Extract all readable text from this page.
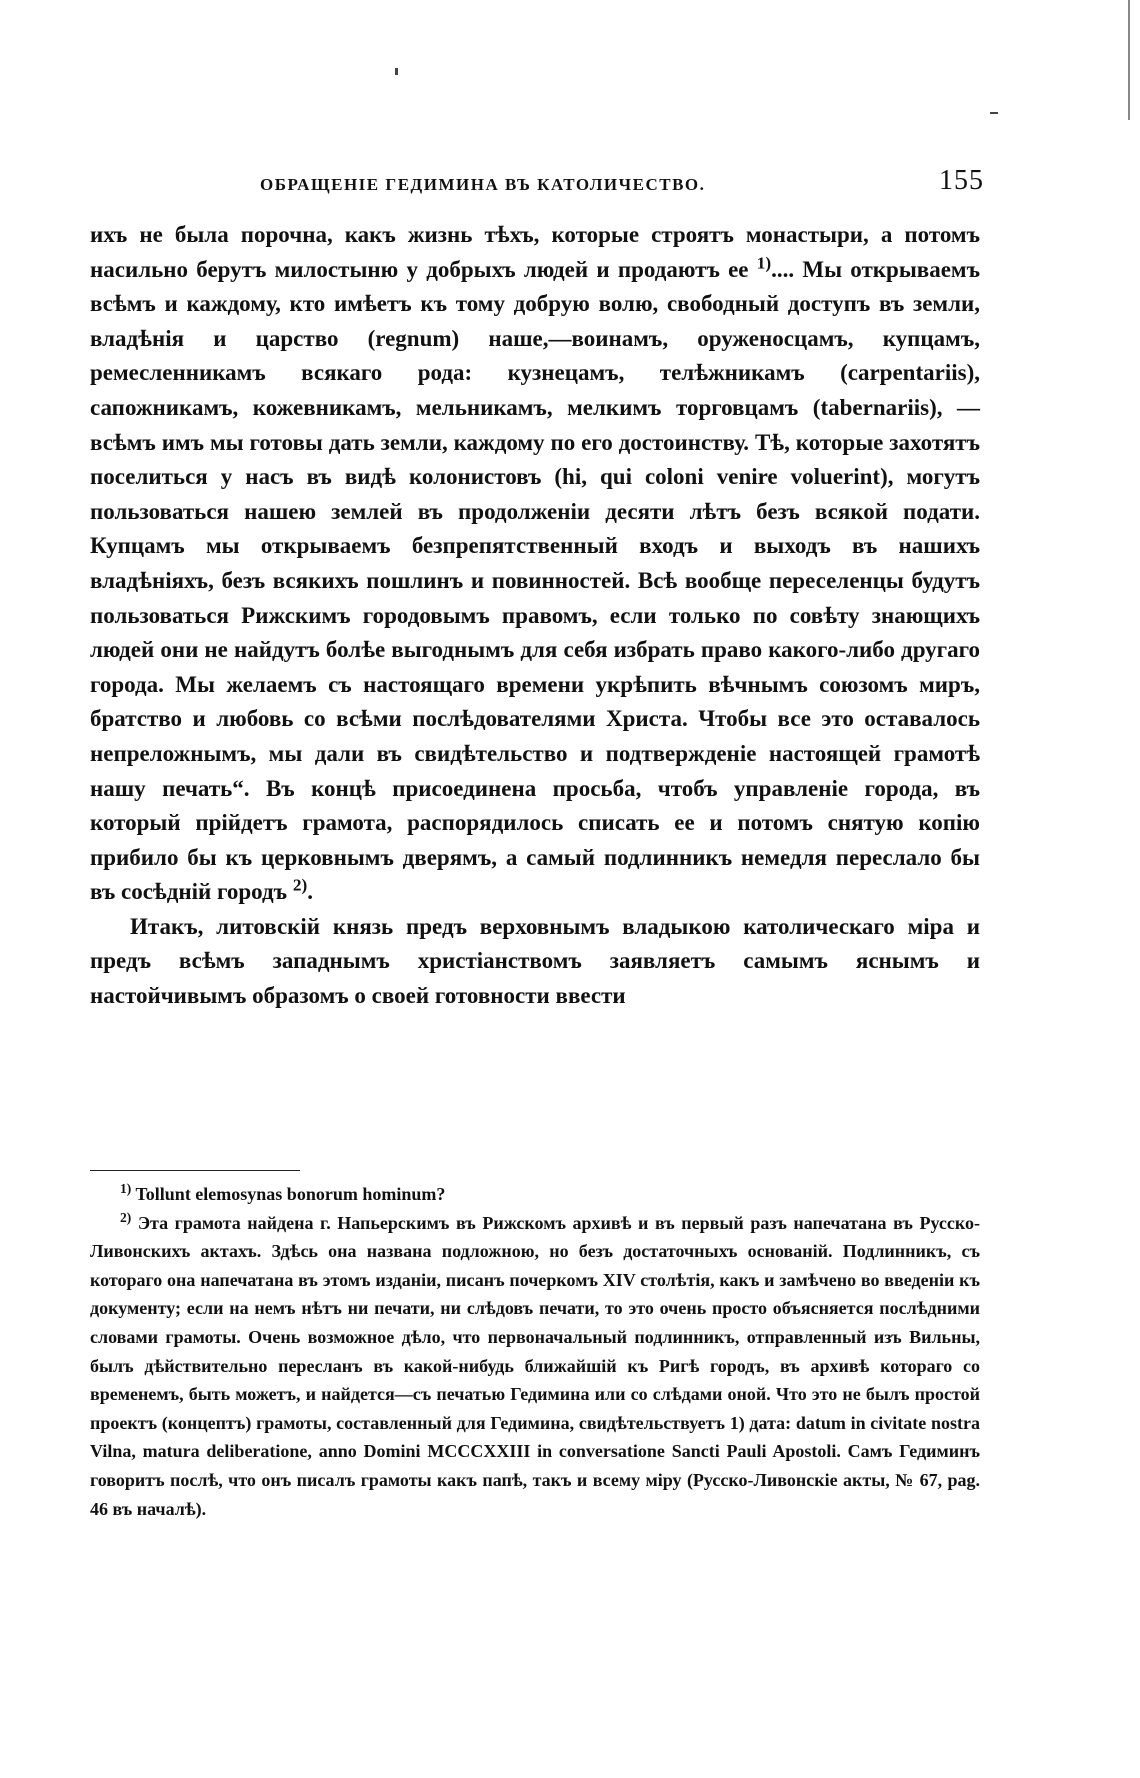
ОБРАЩЕНІЕ ГЕДИМИНА ВЪ КАТОЛИЧЕСТВО.	155

ихъ не была порочна, какъ жизнь тѣхъ, которые строятъ монастыри, а потомъ насильно берутъ милостыню у добрыхъ людей и продаютъ ее $^{1)}$.... Мы открываемъ всѣмъ и каждому, кто имѣетъ къ тому добрую волю, свободный доступъ въ земли, владѣнія и царство (regnum) наше,—воинамъ, оруженосцамъ, купцамъ, ремесленникамъ всякаго рода: кузнецамъ, телѣжникамъ (carpentariis), сапожникамъ, кожевникамъ, мельникамъ, мелкимъ торговцамъ (tabernariis), — всѣмъ имъ мы готовы дать земли, каждому по его достоинству. Тѣ, которые захотятъ поселиться у насъ въ видѣ колонистовъ (hi, qui coloni venire voluerint), могутъ пользоваться нашею землей въ продолженіи десяти лѣтъ безъ всякой подати. Купцамъ мы открываемъ безпрепятственный входъ и выходъ въ нашихъ владѣніяхъ, безъ всякихъ пошлинъ и повинностей. Всѣ вообще переселенцы будутъ пользоваться Рижскимъ городовымъ правомъ, если только по совѣту знающихъ людей они не найдутъ болѣе выгоднымъ для себя избрать право какого-либо другаго города. Мы желаемъ съ настоящаго времени укрѣпить вѣчнымъ союзомъ миръ, братство и любовь со всѣми послѣдователями Христа. Чтобы все это оставалось непреложнымъ, мы дали въ свидѣтельство и подтвержденіе настоящей грамотѣ нашу печать“. Въ концѣ присоединена просьба, чтобъ управленіе города, въ который прійдетъ грамота, распорядилось списать ее и потомъ снятую копію прибило бы къ церковнымъ дверямъ, а самый подлинникъ немедля переслало бы въ сосѣдній городъ $^{2)}$.

Итакъ, литовскій князь предъ верховнымъ владыкою католическаго міра и предъ всѣмъ западнымъ христіанствомъ заявляетъ самымъ яснымъ и настойчивымъ образомъ о своей готовности ввести

$^{1)}$ Tollunt elemosynas bonorum hominum?

$^{2)}$ Эта грамота найдена г. Напьерскимъ въ Рижскомъ архивѣ и въ первый разъ напечатана въ Русско-Ливонскихъ актахъ. Здѣсь она названа подложною, но безъ достаточныхъ основаній. Подлинникъ, съ котораго она напечатана въ этомъ изданіи, писанъ почеркомъ XIV столѣтія, какъ и замѣчено во введеніи къ документу; если на немъ нѣтъ ни печати, ни слѣдовъ печати, то это очень просто объясняется послѣдними словами грамоты. Очень возможное дѣло, что первоначальный подлинникъ, отправленный изъ Вильны, былъ дѣйствительно пересланъ въ какой-нибудь ближайшій къ Ригѣ городъ, въ архивѣ котораго со временемъ, быть можетъ, и найдется—съ печатью Гедимина или со слѣдами оной. Что это не былъ простой проектъ (концептъ) грамоты, составленный для Гедимина, свидѣтельствуетъ 1) дата: datum in civitate nostra Vilna, matura deliberatione, anno Domini MCCCXXIII in conversatione Sancti Pauli Apostoli. Самъ Гедиминъ говоритъ послѣ, что онъ писалъ грамоты какъ папѣ, такъ и всему міру (Русско-Ливонскіе акты, № 67, pag. 46 въ началѣ).
